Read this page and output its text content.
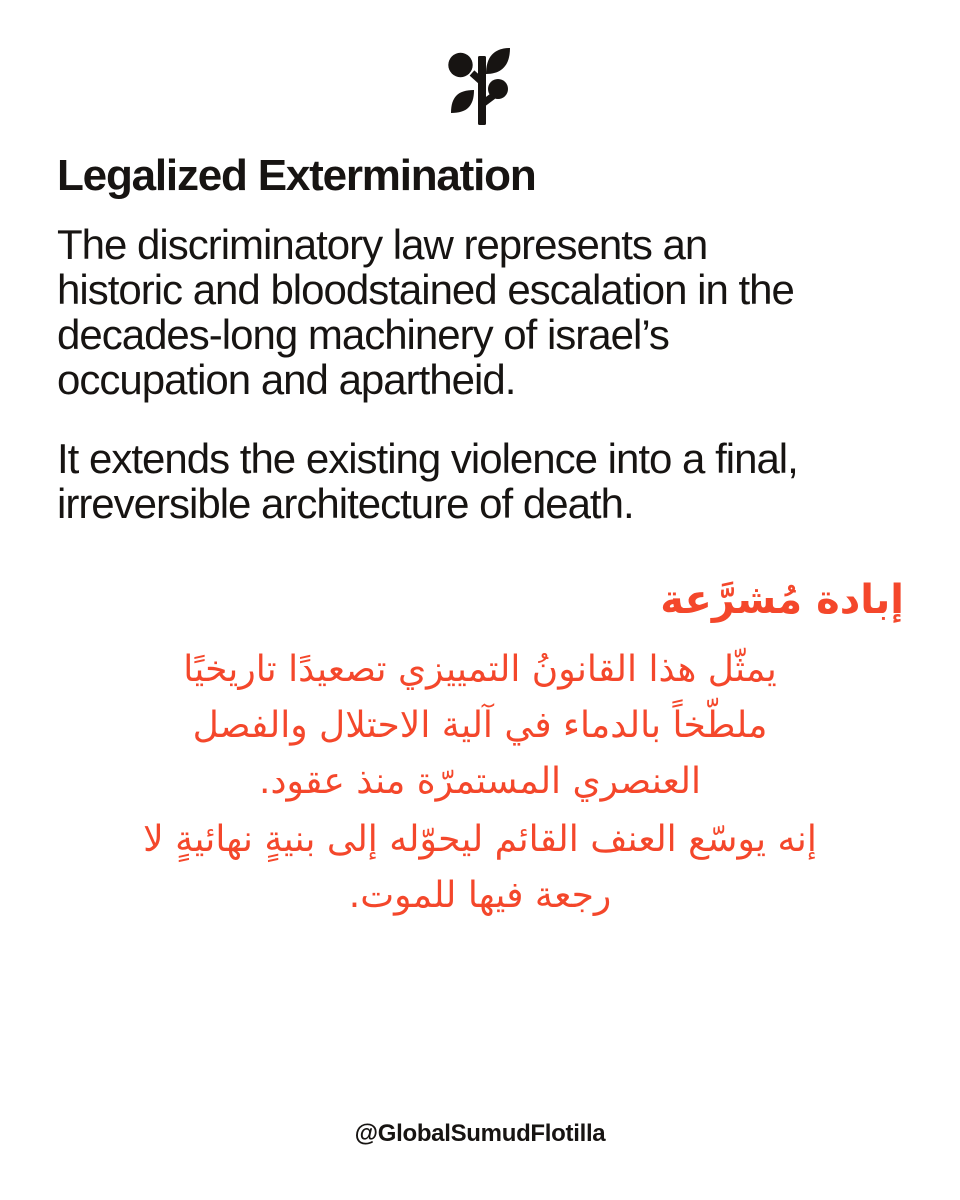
Legalized Extermination
The discriminatory law represents an
historic and bloodstained escalation in the
decades-long machinery of israel’s
occupation and apartheid.
It extends the existing violence into a final,
irreversible architecture of death.
إبادة مُشرَّعة
يمثّل هذا القانونُ التمييزي تصعيدًا تاريخيًا
ملطّخاً بالدماء في آلية الاحتلال والفصل
العنصري المستمرّة منذ عقود.
إنه يوسّع العنف القائم ليحوّله إلى بنيةٍ نهائيةٍ لا
رجعة فيها للموت.
@GlobalSumudFlotilla
